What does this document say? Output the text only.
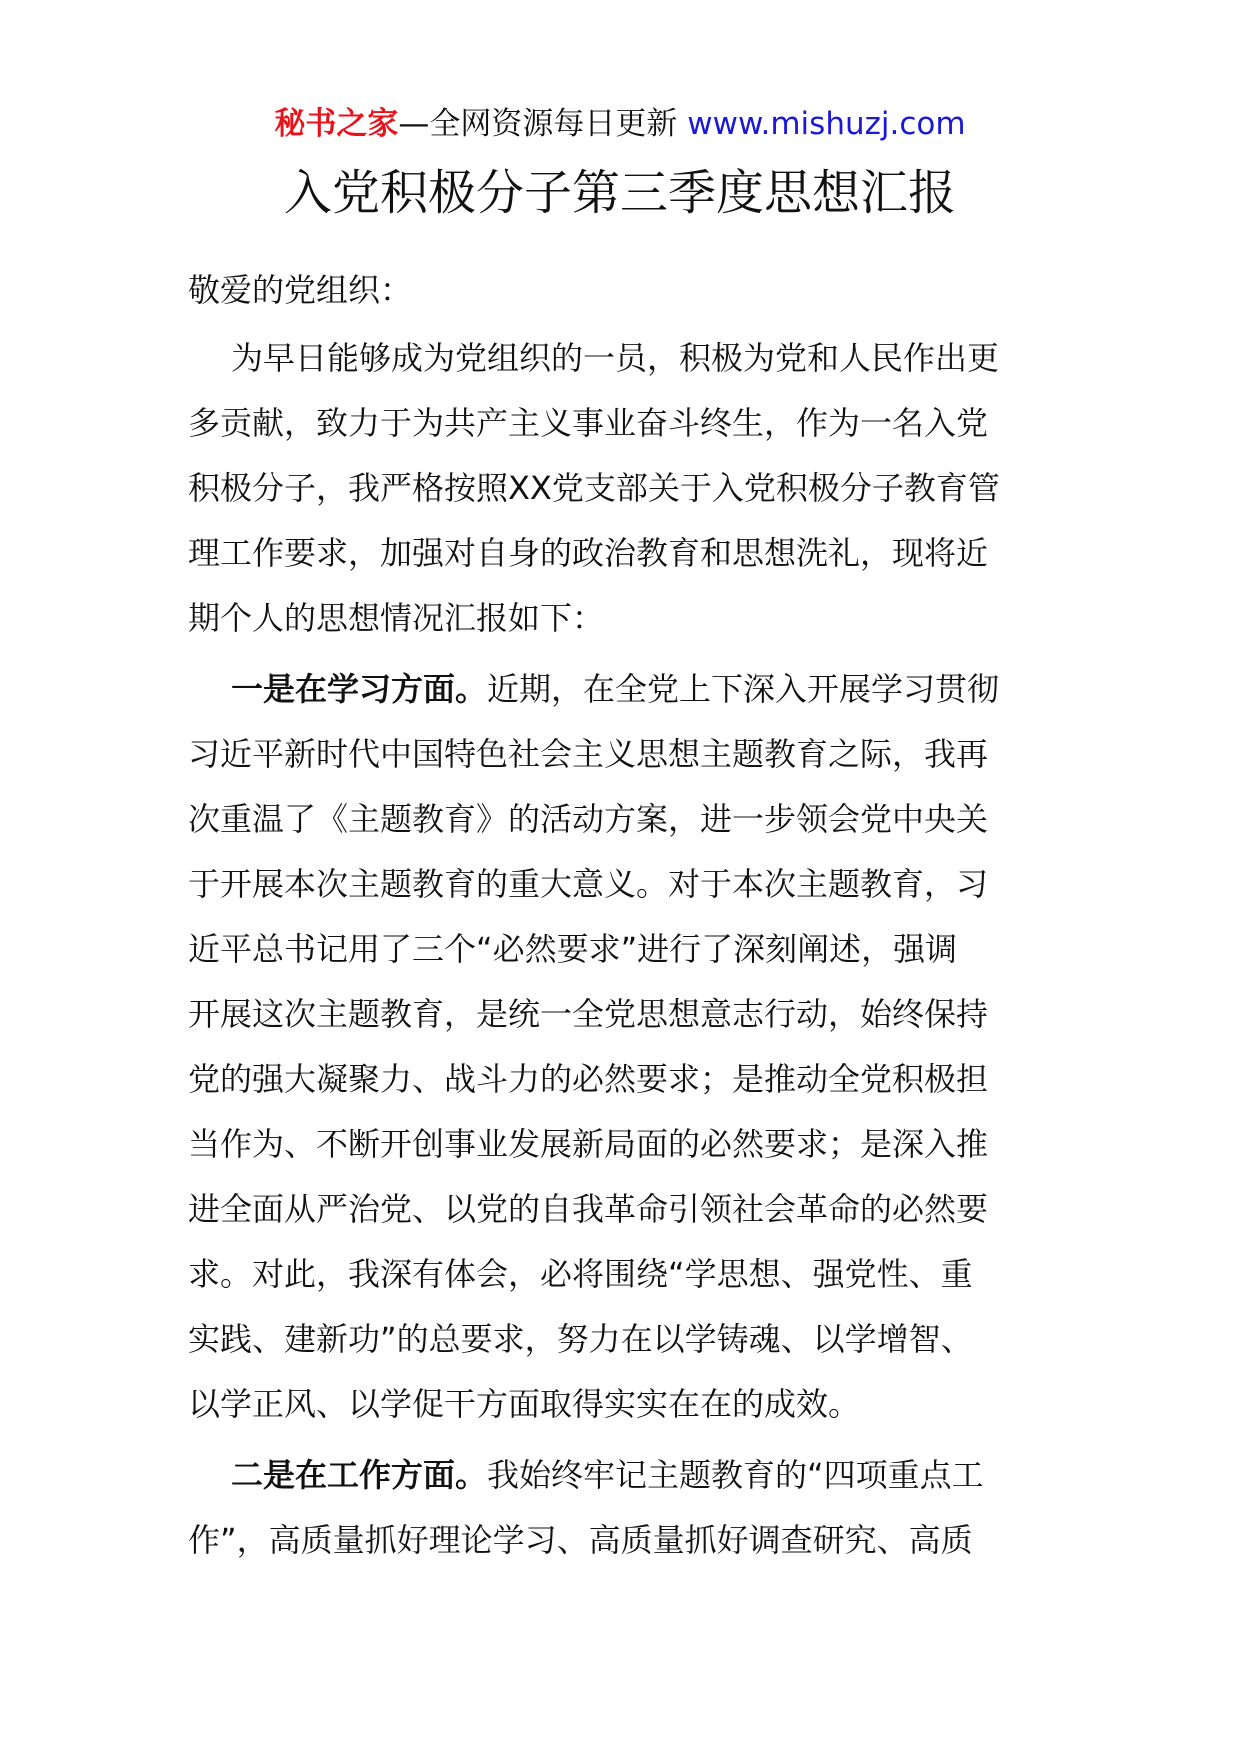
秘书之家—全网资源每日更新 www.mishuzj.com
入党积极分子第三季度思想汇报
敬爱的党组织：
为早日能够成为党组织的一员，积极为党和人民作出更
多贡献，致力于为共产主义事业奋斗终生，作为一名入党
积极分子，我严格按照XX党支部关于入党积极分子教育管
理工作要求，加强对自身的政治教育和思想洗礼，现将近
期个人的思想情况汇报如下：
一是在学习方面。近期，在全党上下深入开展学习贯彻
习近平新时代中国特色社会主义思想主题教育之际，我再
次重温了《主题教育》的活动方案，进一步领会党中央关
于开展本次主题教育的重大意义。对于本次主题教育，习
近平总书记用了三个“必然要求”进行了深刻阐述，强调
开展这次主题教育，是统一全党思想意志行动，始终保持
党的强大凝聚力、战斗力的必然要求；是推动全党积极担
当作为、不断开创事业发展新局面的必然要求；是深入推
进全面从严治党、以党的自我革命引领社会革命的必然要
求。对此，我深有体会，必将围绕“学思想、强党性、重
实践、建新功”的总要求，努力在以学铸魂、以学增智、
以学正风、以学促干方面取得实实在在的成效。
二是在工作方面。我始终牢记主题教育的“四项重点工
作”，高质量抓好理论学习、高质量抓好调查研究、高质
